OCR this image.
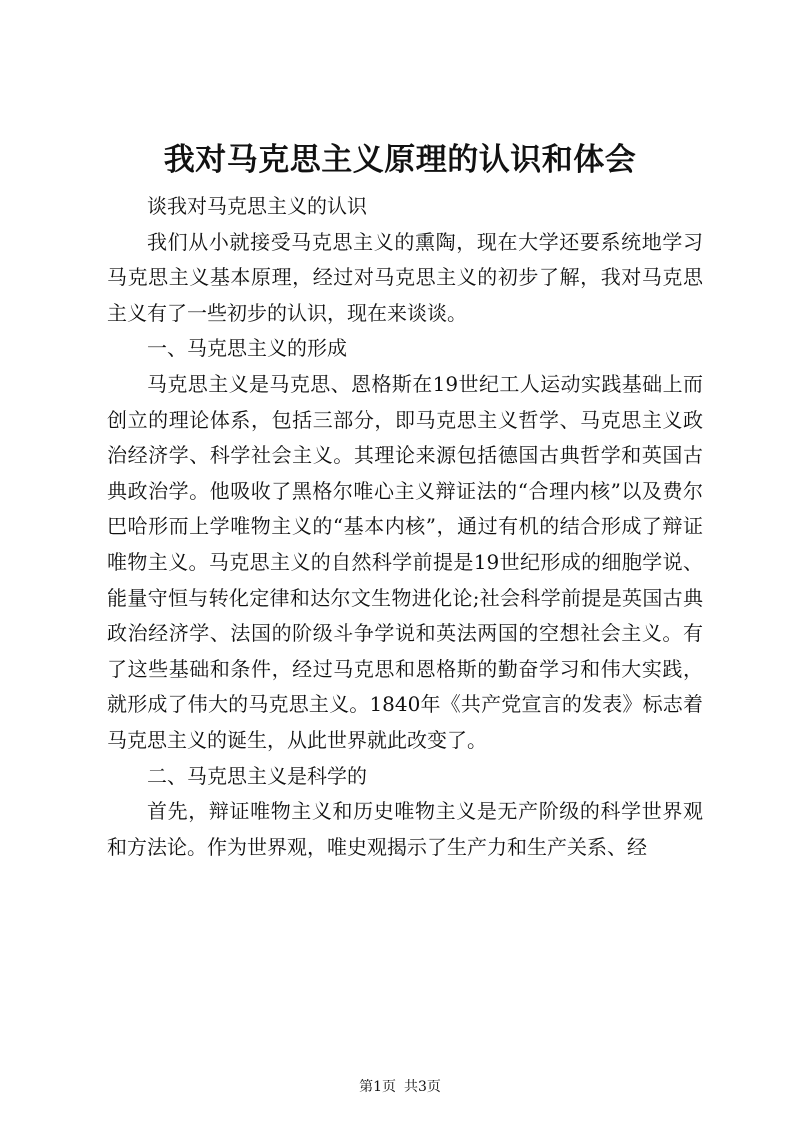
我对马克思主义原理的认识和体会

谈我对马克思主义的认识

我们从小就接受马克思主义的熏陶，现在大学还要系统地学习马克思主义基本原理，经过对马克思主义的初步了解，我对马克思主义有了一些初步的认识，现在来谈谈。

一、马克思主义的形成

马克思主义是马克思、恩格斯在19世纪工人运动实践基础上而创立的理论体系，包括三部分，即马克思主义哲学、马克思主义政治经济学、科学社会主义。其理论来源包括德国古典哲学和英国古典政治学。他吸收了黑格尔唯心主义辩证法的“合理内核”以及费尔巴哈形而上学唯物主义的“基本内核”，通过有机的结合形成了辩证唯物主义。马克思主义的自然科学前提是19世纪形成的细胞学说、能量守恒与转化定律和达尔文生物进化论;社会科学前提是英国古典政治经济学、法国的阶级斗争学说和英法两国的空想社会主义。有了这些基础和条件，经过马克思和恩格斯的勤奋学习和伟大实践，就形成了伟大的马克思主义。1840年《共产党宣言的发表》标志着马克思主义的诞生，从此世界就此改变了。

二、马克思主义是科学的

首先，辩证唯物主义和历史唯物主义是无产阶级的科学世界观和方法论。作为世界观，唯史观揭示了生产力和生产关系、经

第1页 共3页
